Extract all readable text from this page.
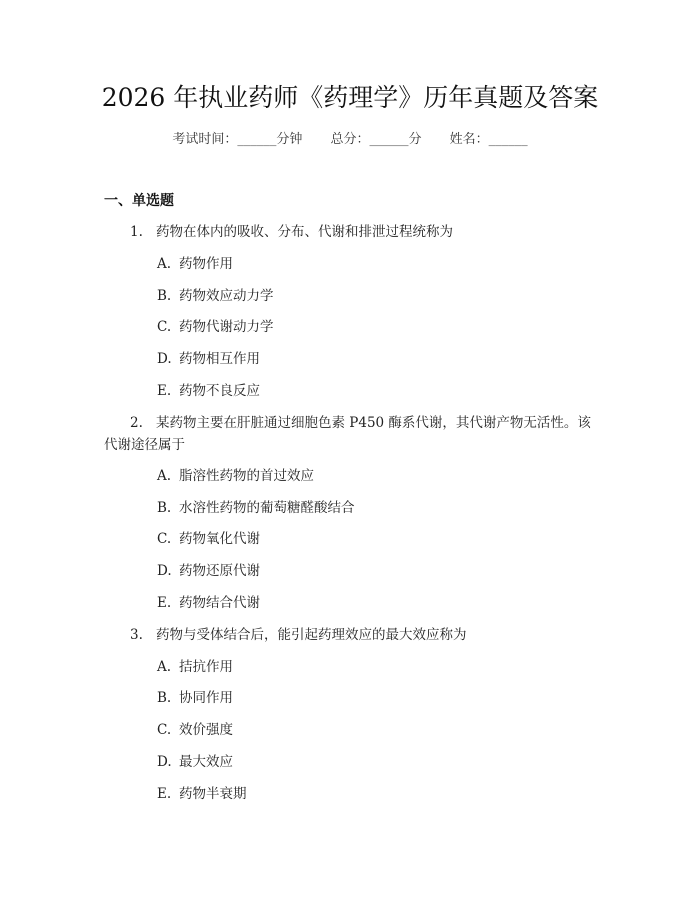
2026 年执业药师《药理学》历年真题及答案
考试时间：______分钟 总分：______分 姓名：______
一、单选题
1. 药物在体内的吸收、分布、代谢和排泄过程统称为
A. 药物作用
B. 药物效应动力学
C. 药物代谢动力学
D. 药物相互作用
E. 药物不良反应
2. 某药物主要在肝脏通过细胞色素 P450 酶系代谢，其代谢产物无活性。该
代谢途径属于
A. 脂溶性药物的首过效应
B. 水溶性药物的葡萄糖醛酸结合
C. 药物氧化代谢
D. 药物还原代谢
E. 药物结合代谢
3. 药物与受体结合后，能引起药理效应的最大效应称为
A. 拮抗作用
B. 协同作用
C. 效价强度
D. 最大效应
E. 药物半衰期
